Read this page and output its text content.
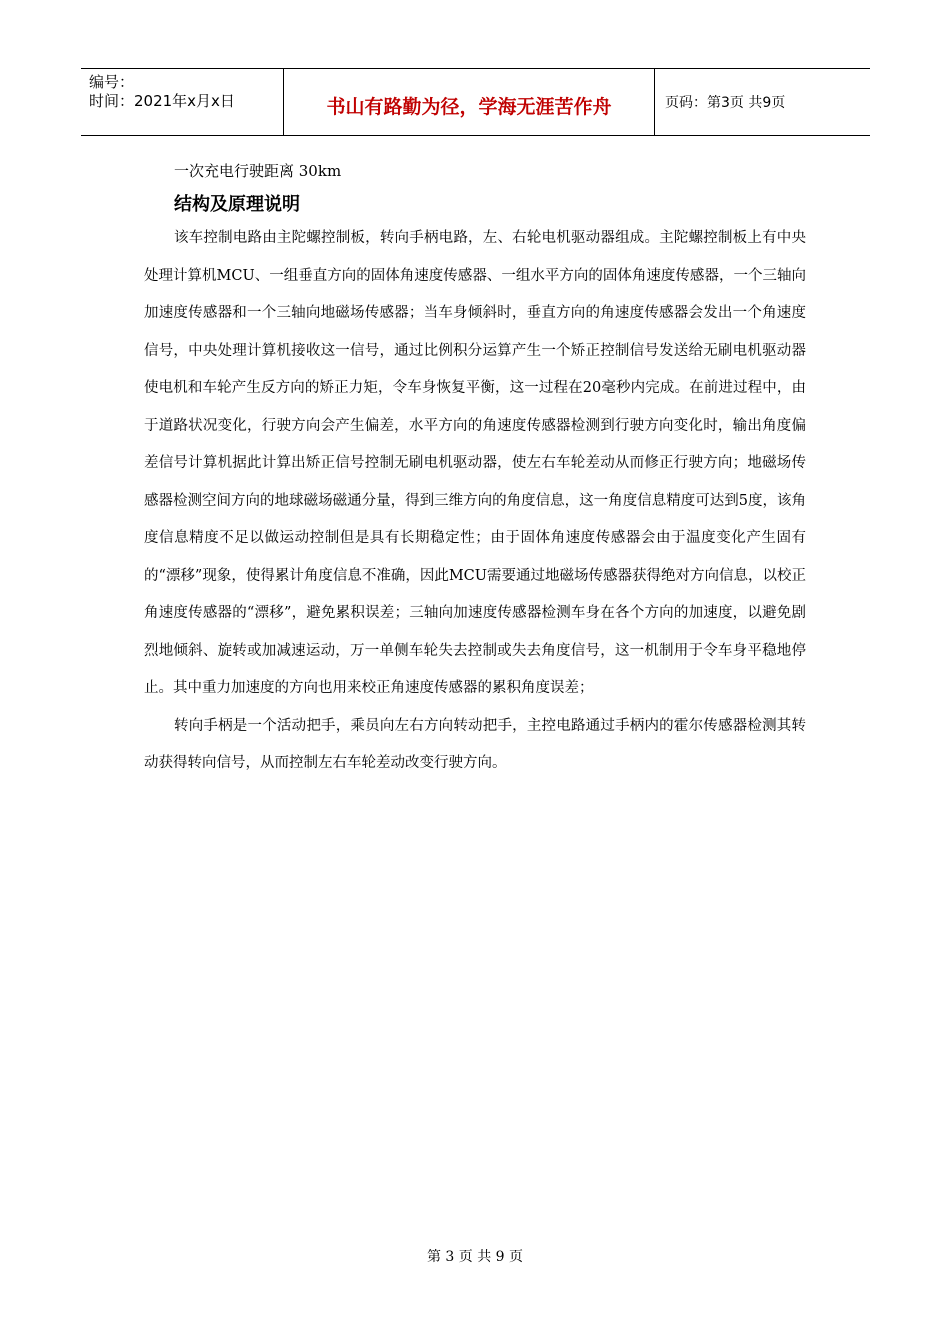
编号：
时间：2021年x月x日	书山有路勤为径，学海无涯苦作舟	页码：第3页 共9页
一次充电行驶距离 30km
结构及原理说明

该车控制电路由主陀螺控制板，转向手柄电路，左、右轮电机驱动器组成。主陀螺控制板上有中央处理计算机MCU、一组垂直方向的固体角速度传感器、一组水平方向的固体角速度传感器，一个三轴向加速度传感器和一个三轴向地磁场传感器；当车身倾斜时，垂直方向的角速度传感器会发出一个角速度信号，中央处理计算机接收这一信号，通过比例积分运算产生一个矫正控制信号发送给无刷电机驱动器使电机和车轮产生反方向的矫正力矩，令车身恢复平衡，这一过程在20毫秒内完成。在前进过程中，由于道路状况变化，行驶方向会产生偏差，水平方向的角速度传感器检测到行驶方向变化时，输出角度偏差信号计算机据此计算出矫正信号控制无刷电机驱动器，使左右车轮差动从而修正行驶方向；地磁场传感器检测空间方向的地球磁场磁通分量，得到三维方向的角度信息，这一角度信息精度可达到5度，该角度信息精度不足以做运动控制但是具有长期稳定性；由于固体角速度传感器会由于温度变化产生固有的“漂移”现象，使得累计角度信息不准确，因此MCU需要通过地磁场传感器获得绝对方向信息，以校正角速度传感器的“漂移”，避免累积误差；三轴向加速度传感器检测车身在各个方向的加速度，以避免剧烈地倾斜、旋转或加减速运动，万一单侧车轮失去控制或失去角度信号，这一机制用于令车身平稳地停止。其中重力加速度的方向也用来校正角速度传感器的累积角度误差；

转向手柄是一个活动把手，乘员向左右方向转动把手，主控电路通过手柄内的霍尔传感器检测其转动获得转向信号，从而控制左右车轮差动改变行驶方向。

第 3 页 共 9 页
